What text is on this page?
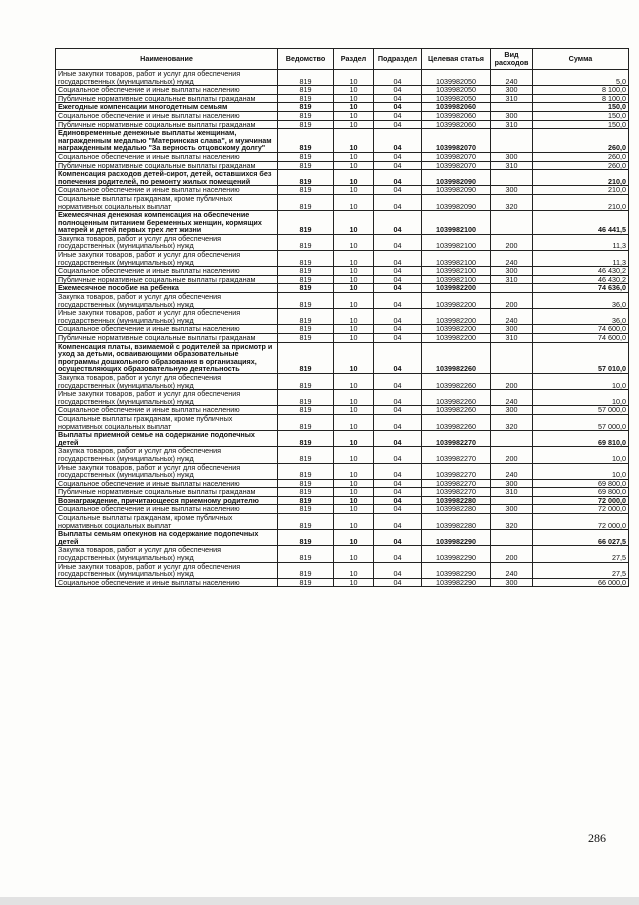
Наименование	Ведомство	Раздел	Подраздел	Целевая статья	Вид расходов	Сумма
Иные закупки товаров, работ и услуг для обеспечения государственных (муниципальных) нужд	819	10	04	1039982050	240	5,0
Социальное обеспечение и иные выплаты населению	819	10	04	1039982050	300	8 100,0
Публичные нормативные социальные выплаты гражданам	819	10	04	1039982050	310	8 100,0
Ежегодные компенсации многодетным семьям	819	10	04	1039982060		150,0
Социальное обеспечение и иные выплаты населению	819	10	04	1039982060	300	150,0
Публичные нормативные социальные выплаты гражданам	819	10	04	1039982060	310	150,0
Единовременные денежные выплаты женщинам, награжденным медалью "Материнская слава", и мужчинам награжденным медалью "За верность отцовскому долгу"	819	10	04	1039982070		260,0
Социальное обеспечение и иные выплаты населению	819	10	04	1039982070	300	260,0
Публичные нормативные социальные выплаты гражданам	819	10	04	1039982070	310	260,0
Компенсация расходов детей-сирот, детей, оставшихся без попечения родителей, по ремонту жилых помещений	819	10	04	1039982090		210,0
Социальное обеспечение и иные выплаты населению	819	10	04	1039982090	300	210,0
Социальные выплаты гражданам, кроме публичных нормативных социальных выплат	819	10	04	1039982090	320	210,0
Ежемесячная денежная компенсация на обеспечение полноценным питанием беременных женщин, кормящих матерей и детей первых трех лет жизни	819	10	04	1039982100		46 441,5
Закупка товаров, работ и услуг для обеспечения государственных (муниципальных) нужд	819	10	04	1039982100	200	11,3
Иные закупки товаров, работ и услуг для обеспечения государственных (муниципальных) нужд	819	10	04	1039982100	240	11,3
Социальное обеспечение и иные выплаты населению	819	10	04	1039982100	300	46 430,2
Публичные нормативные социальные выплаты гражданам	819	10	04	1039982100	310	46 430,2
Ежемесячное пособие на ребенка	819	10	04	1039982200		74 636,0
Закупка товаров, работ и услуг для обеспечения государственных (муниципальных) нужд	819	10	04	1039982200	200	36,0
Иные закупки товаров, работ и услуг для обеспечения государственных (муниципальных) нужд	819	10	04	1039982200	240	36,0
Социальное обеспечение и иные выплаты населению	819	10	04	1039982200	300	74 600,0
Публичные нормативные социальные выплаты гражданам	819	10	04	1039982200	310	74 600,0
Компенсация платы, взимаемой с родителей за присмотр и уход за детьми, осваивающими образовательные программы дошкольного образования в организациях, осуществляющих образовательную деятельность	819	10	04	1039982260		57 010,0
Закупка товаров, работ и услуг для обеспечения государственных (муниципальных) нужд	819	10	04	1039982260	200	10,0
Иные закупки товаров, работ и услуг для обеспечения государственных (муниципальных) нужд	819	10	04	1039982260	240	10,0
Социальное обеспечение и иные выплаты населению	819	10	04	1039982260	300	57 000,0
Социальные выплаты гражданам, кроме публичных нормативных социальных выплат	819	10	04	1039982260	320	57 000,0
Выплаты приемной семье на содержание подопечных детей	819	10	04	1039982270		69 810,0
Закупка товаров, работ и услуг для обеспечения государственных (муниципальных) нужд	819	10	04	1039982270	200	10,0
Иные закупки товаров, работ и услуг для обеспечения государственных (муниципальных) нужд	819	10	04	1039982270	240	10,0
Социальное обеспечение и иные выплаты населению	819	10	04	1039982270	300	69 800,0
Публичные нормативные социальные выплаты гражданам	819	10	04	1039982270	310	69 800,0
Вознаграждение, причитающееся приемному родителю	819	10	04	1039982280		72 000,0
Социальное обеспечение и иные выплаты населению	819	10	04	1039982280	300	72 000,0
Социальные выплаты гражданам, кроме публичных нормативных социальных выплат	819	10	04	1039982280	320	72 000,0
Выплаты семьям опекунов на содержание подопечных детей	819	10	04	1039982290		66 027,5
Закупка товаров, работ и услуг для обеспечения государственных (муниципальных) нужд	819	10	04	1039982290	200	27,5
Иные закупки товаров, работ и услуг для обеспечения государственных (муниципальных) нужд	819	10	04	1039982290	240	27,5
Социальное обеспечение и иные выплаты населению	819	10	04	1039982290	300	66 000,0
286
